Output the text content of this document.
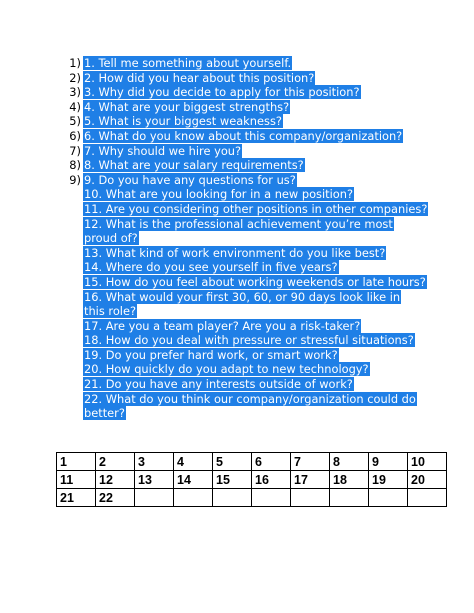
1) 1. Tell me something about yourself.
2) 2. How did you hear about this position?
3) 3. Why did you decide to apply for this position?
4) 4. What are your biggest strengths?
5) 5. What is your biggest weakness?
6) 6. What do you know about this company/organization?
7) 7. Why should we hire you?
8) 8. What are your salary requirements?
9) 9. Do you have any questions for us?
10. What are you looking for in a new position?
11. Are you considering other positions in other companies?
12. What is the professional achievement you’re most proud of?
13. What kind of work environment do you like best?
14. Where do you see yourself in five years?
15. How do you feel about working weekends or late hours?
16. What would your first 30, 60, or 90 days look like in this role?
17. Are you a team player? Are you a risk-taker?
18. How do you deal with pressure or stressful situations?
19. Do you prefer hard work, or smart work?
20. How quickly do you adapt to new technology?
21. Do you have any interests outside of work?
22. What do you think our company/organization could do better?
1	2	3	4	5	6	7	8	9	10
11	12	13	14	15	16	17	18	19	20
21	22								
